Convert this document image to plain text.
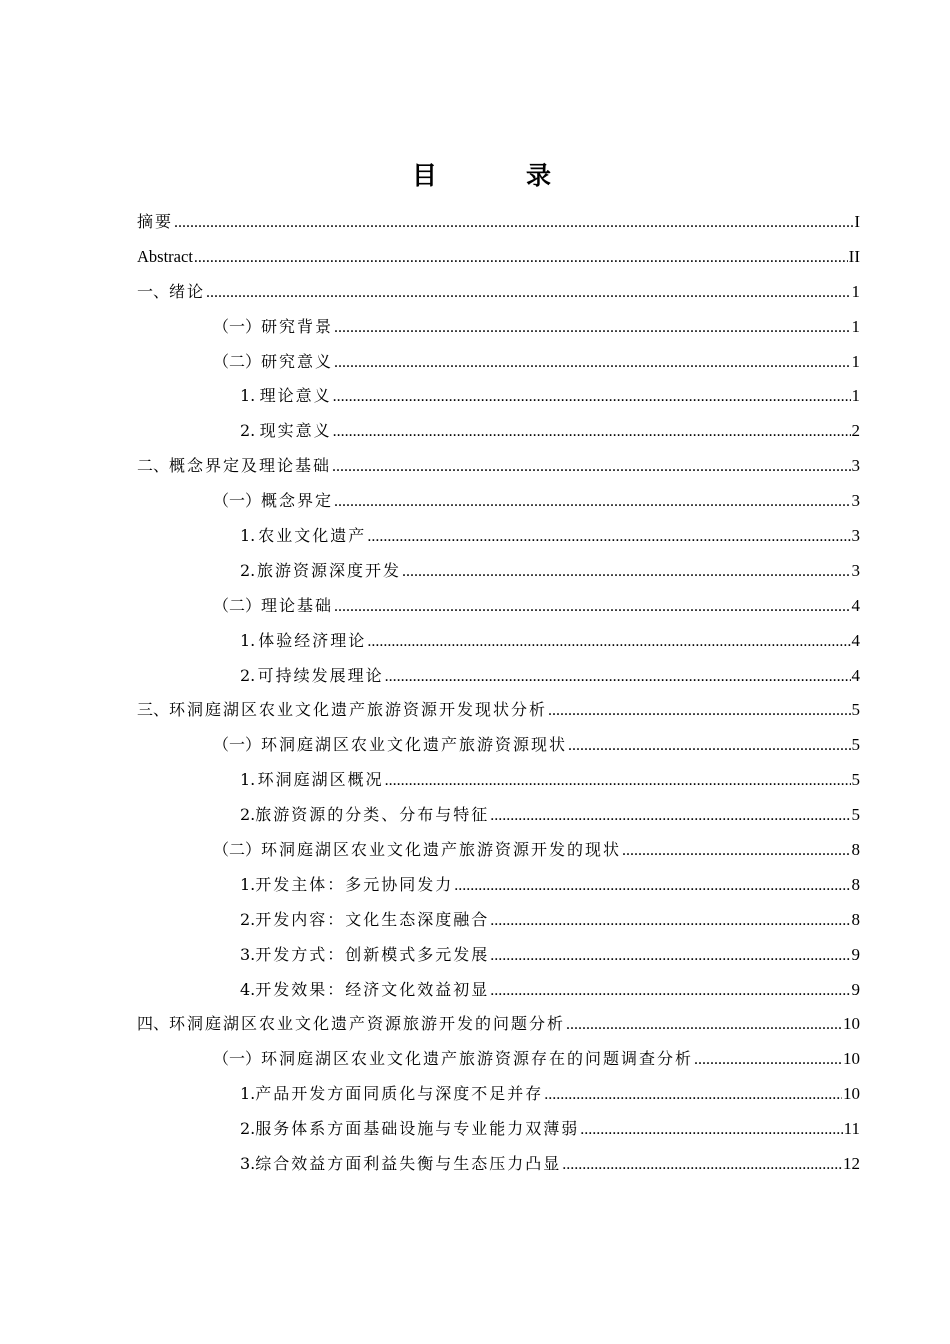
目　录
摘要 .....	I
Abstract .....	II
一、 绪论 .....	1
（一） 研究背景 .....	1
（二） 研究意义 .....	1
1. 理论意义 .....	1
2. 现实意义 .....	2
二、 概念界定及理论基础 .....	3
（一） 概念界定 .....	3
1. 农业文化遗产 .....	3
2. 旅游资源深度开发 .....	3
（二） 理论基础 .....	4
1. 体验经济理论 .....	4
2. 可持续发展理论 .....	4
三、 环洞庭湖区农业文化遗产旅游资源开发现状分析 .....	5
（一） 环洞庭湖区农业文化遗产旅游资源现状 .....	5
1. 环洞庭湖区概况 .....	5
2. 旅游资源的分类、分布与特征 .....	5
（二） 环洞庭湖区农业文化遗产旅游资源开发的现状 .....	8
1. 开发主体：多元协同发力 .....	8
2. 开发内容：文化生态深度融合 .....	8
3. 开发方式：创新模式多元发展 .....	9
4. 开发效果：经济文化效益初显 .....	9
四、 环洞庭湖区农业文化遗产资源旅游开发的问题分析 .....	10
（一） 环洞庭湖区农业文化遗产旅游资源存在的问题调查分析 .....	10
1. 产品开发方面同质化与深度不足并存 .....	10
2. 服务体系方面基础设施与专业能力双薄弱 .....	11
3. 综合效益方面利益失衡与生态压力凸显 .....	12
